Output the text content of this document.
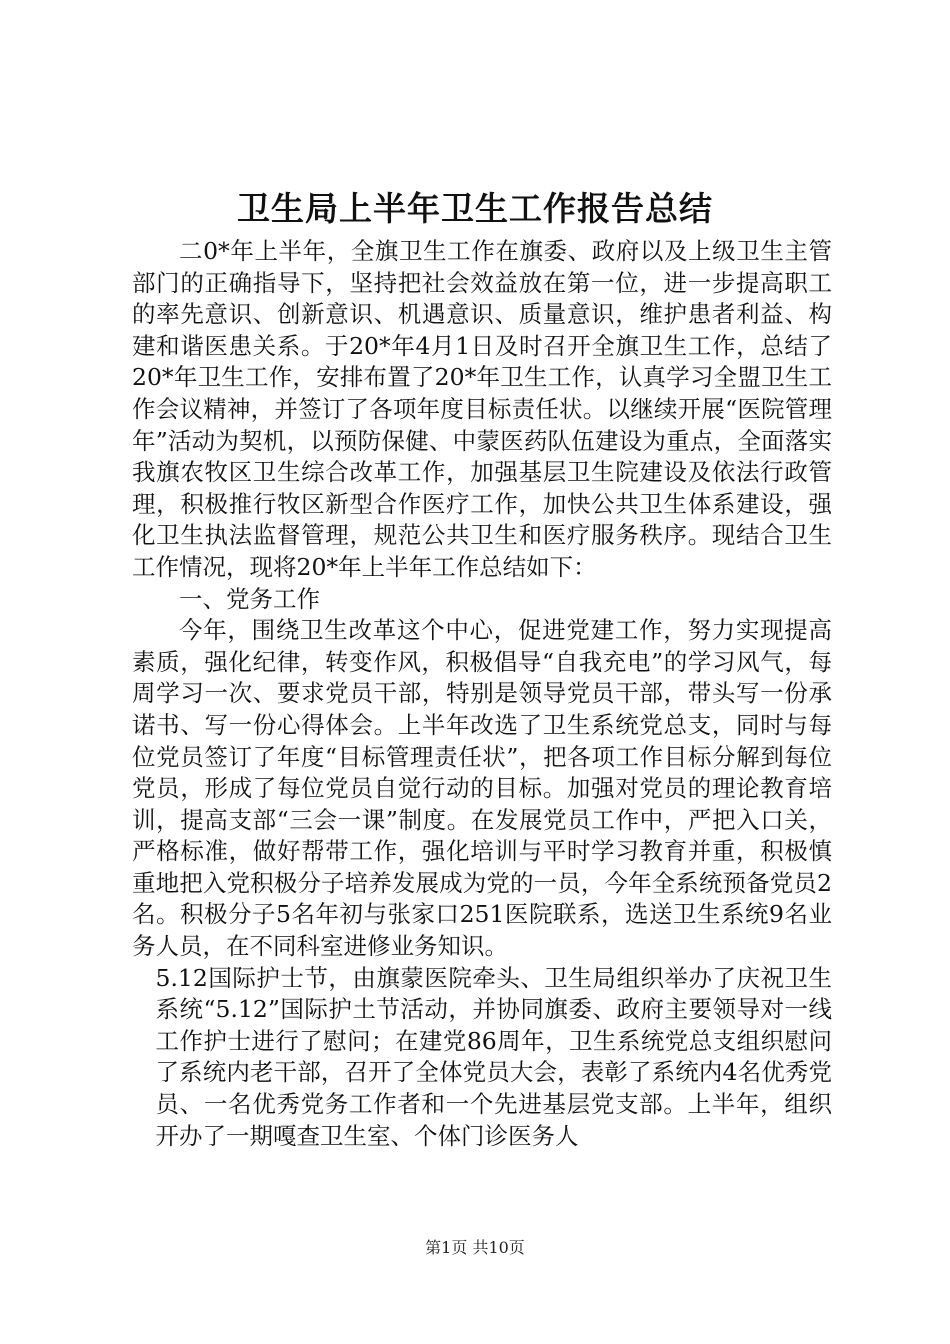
卫生局上半年卫生工作报告总结

二0*年上半年，全旗卫生工作在旗委、政府以及上级卫生主管部门的正确指导下，坚持把社会效益放在第一位，进一步提高职工的率先意识、创新意识、机遇意识、质量意识，维护患者利益、构建和谐医患关系。于20*年4月1日及时召开全旗卫生工作，总结了20*年卫生工作，安排布置了20*年卫生工作，认真学习全盟卫生工作会议精神，并签订了各项年度目标责任状。以继续开展“医院管理年”活动为契机，以预防保健、中蒙医药队伍建设为重点，全面落实我旗农牧区卫生综合改革工作，加强基层卫生院建设及依法行政管理，积极推行牧区新型合作医疗工作，加快公共卫生体系建设，强化卫生执法监督管理，规范公共卫生和医疗服务秩序。现结合卫生工作情况，现将20*年上半年工作总结如下：

一、党务工作

今年，围绕卫生改革这个中心，促进党建工作，努力实现提高素质，强化纪律，转变作风，积极倡导“自我充电”的学习风气，每周学习一次、要求党员干部，特别是领导党员干部，带头写一份承诺书、写一份心得体会。上半年改选了卫生系统党总支，同时与每位党员签订了年度“目标管理责任状”，把各项工作目标分解到每位党员，形成了每位党员自觉行动的目标。加强对党员的理论教育培训，提高支部“三会一课”制度。在发展党员工作中，严把入口关，严格标准，做好帮带工作，强化培训与平时学习教育并重，积极慎重地把入党积极分子培养发展成为党的一员，今年全系统预备党员2名。积极分子5名年初与张家口251医院联系，选送卫生系统9名业务人员，在不同科室进修业务知识。

5.12国际护士节，由旗蒙医院牵头、卫生局组织举办了庆祝卫生系统“5.12”国际护土节活动，并协同旗委、政府主要领导对一线工作护士进行了慰问；在建党86周年，卫生系统党总支组织慰问了系统内老干部，召开了全体党员大会，表彰了系统内4名优秀党员、一名优秀党务工作者和一个先进基层党支部。上半年，组织开办了一期嘎查卫生室、个体门诊医务人

第1页 共10页
